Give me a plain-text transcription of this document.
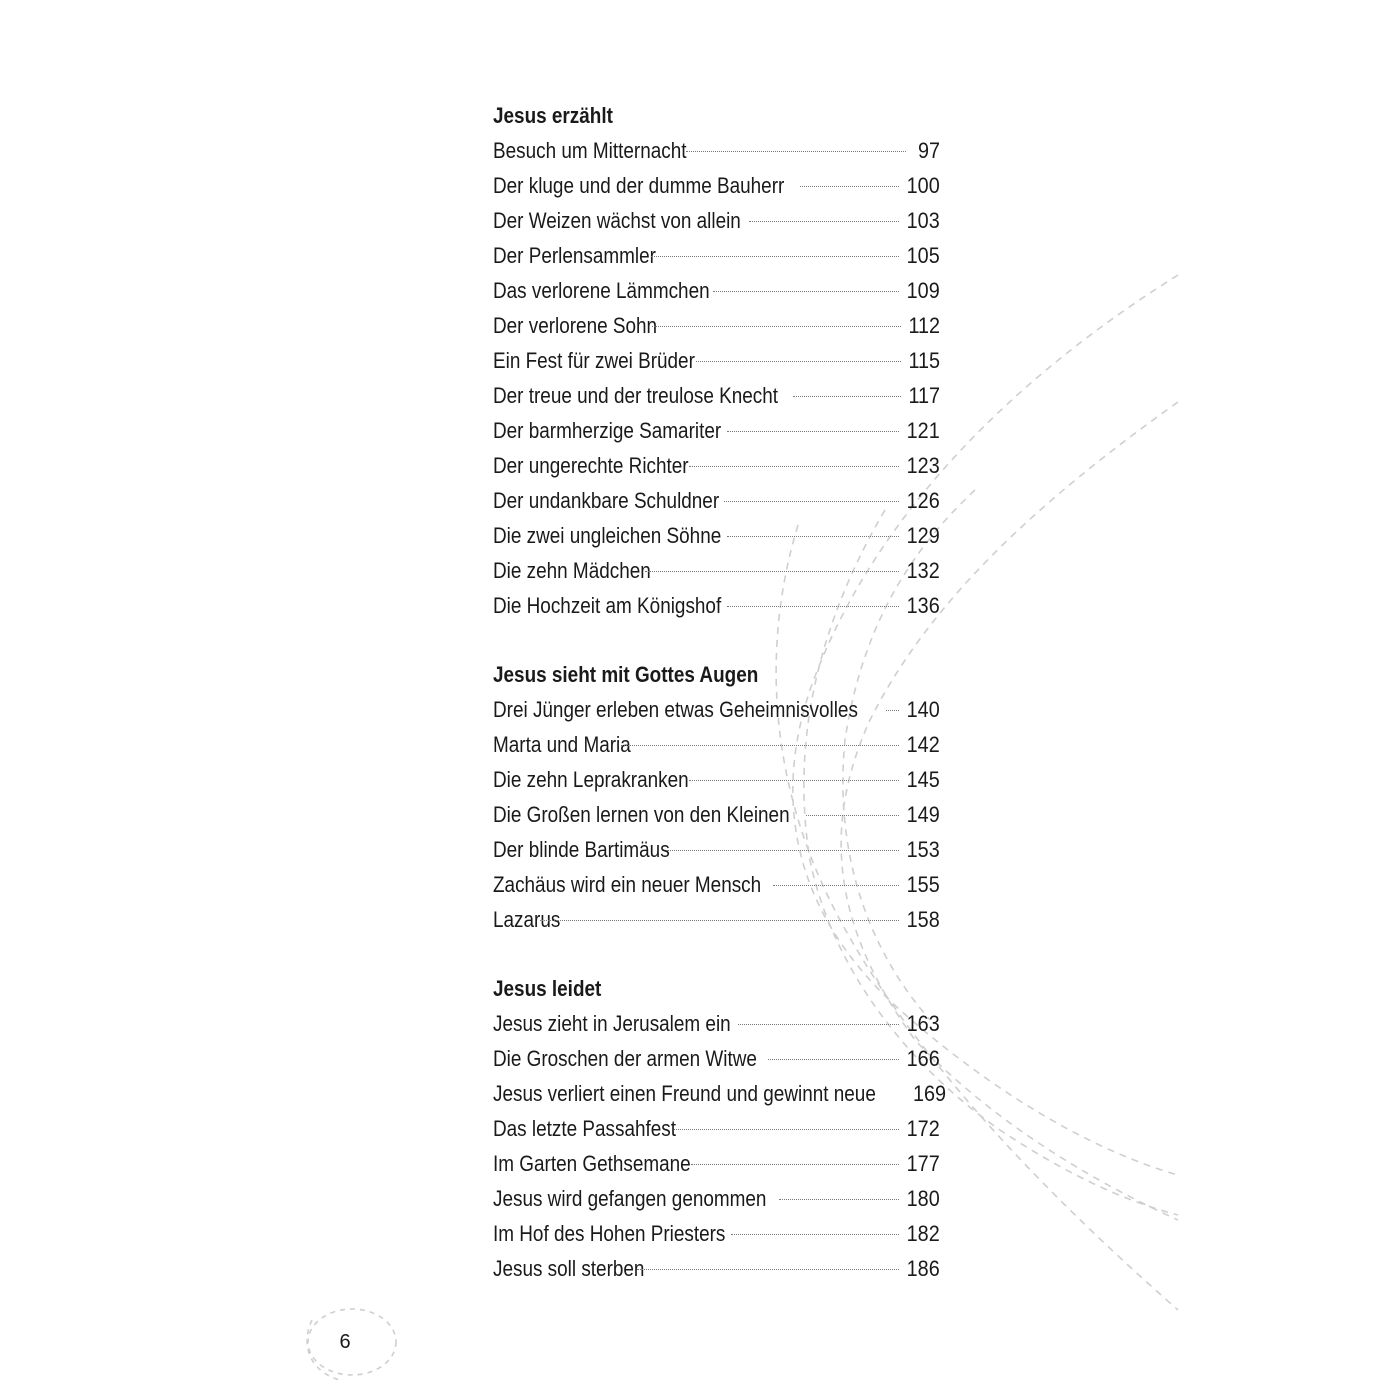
Jesus erzählt
Besuch um Mitternacht	97
Der kluge und der dumme Bauherr	100
Der Weizen wächst von allein	103
Der Perlensammler	105
Das verlorene Lämmchen	109
Der verlorene Sohn	112
Ein Fest für zwei Brüder	115
Der treue und der treulose Knecht	117
Der barmherzige Samariter	121
Der ungerechte Richter	123
Der undankbare Schuldner	126
Die zwei ungleichen Söhne	129
Die zehn Mädchen	132
Die Hochzeit am Königshof	136
Jesus sieht mit Gottes Augen
Drei Jünger erleben etwas Geheimnisvolles 140
Marta und Maria	142
Die zehn Leprakranken	145
Die Großen lernen von den Kleinen	149
Der blinde Bartimäus	153
Zachäus wird ein neuer Mensch	155
Lazarus	158
Jesus leidet
Jesus zieht in Jerusalem ein	163
Die Groschen der armen Witwe	166
Jesus verliert einen Freund und gewinnt neue 169
Das letzte Passahfest	172
Im Garten Gethsemane	177
Jesus wird gefangen genommen	180
Im Hof des Hohen Priesters	182
Jesus soll sterben	186
6
